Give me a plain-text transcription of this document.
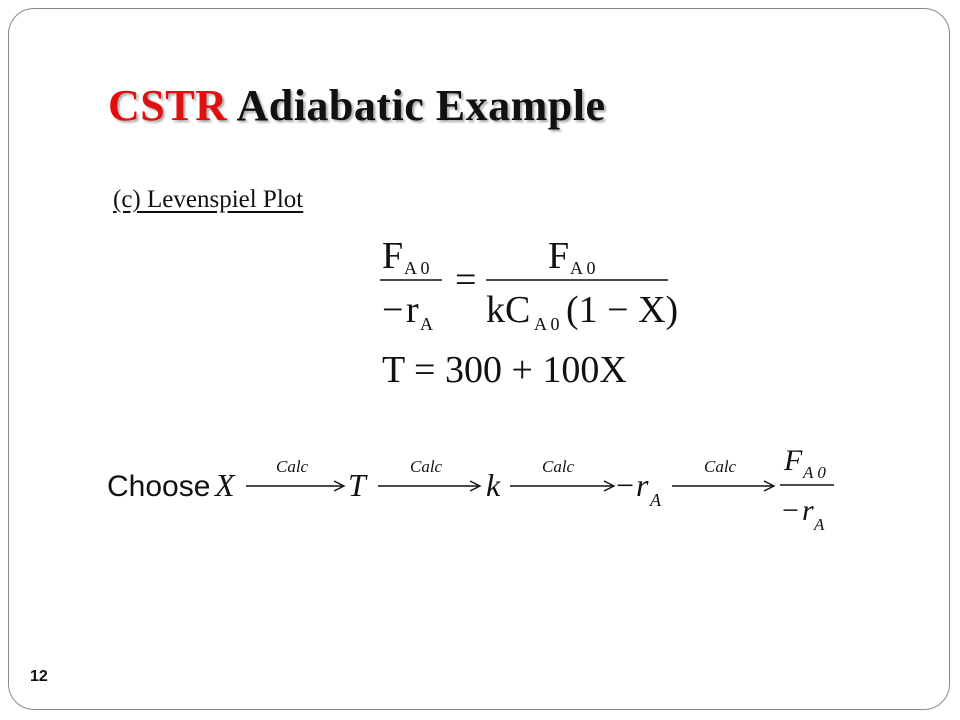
CSTR Adiabatic Example
(c) Levenspiel Plot
F A 0
− r A
=
F A 0
kC A 0 (1 − X)
T = 300 + 100X
Choose X
Calc
T
Calc
k
Calc
− r A
Calc F A 0
− r A
12
